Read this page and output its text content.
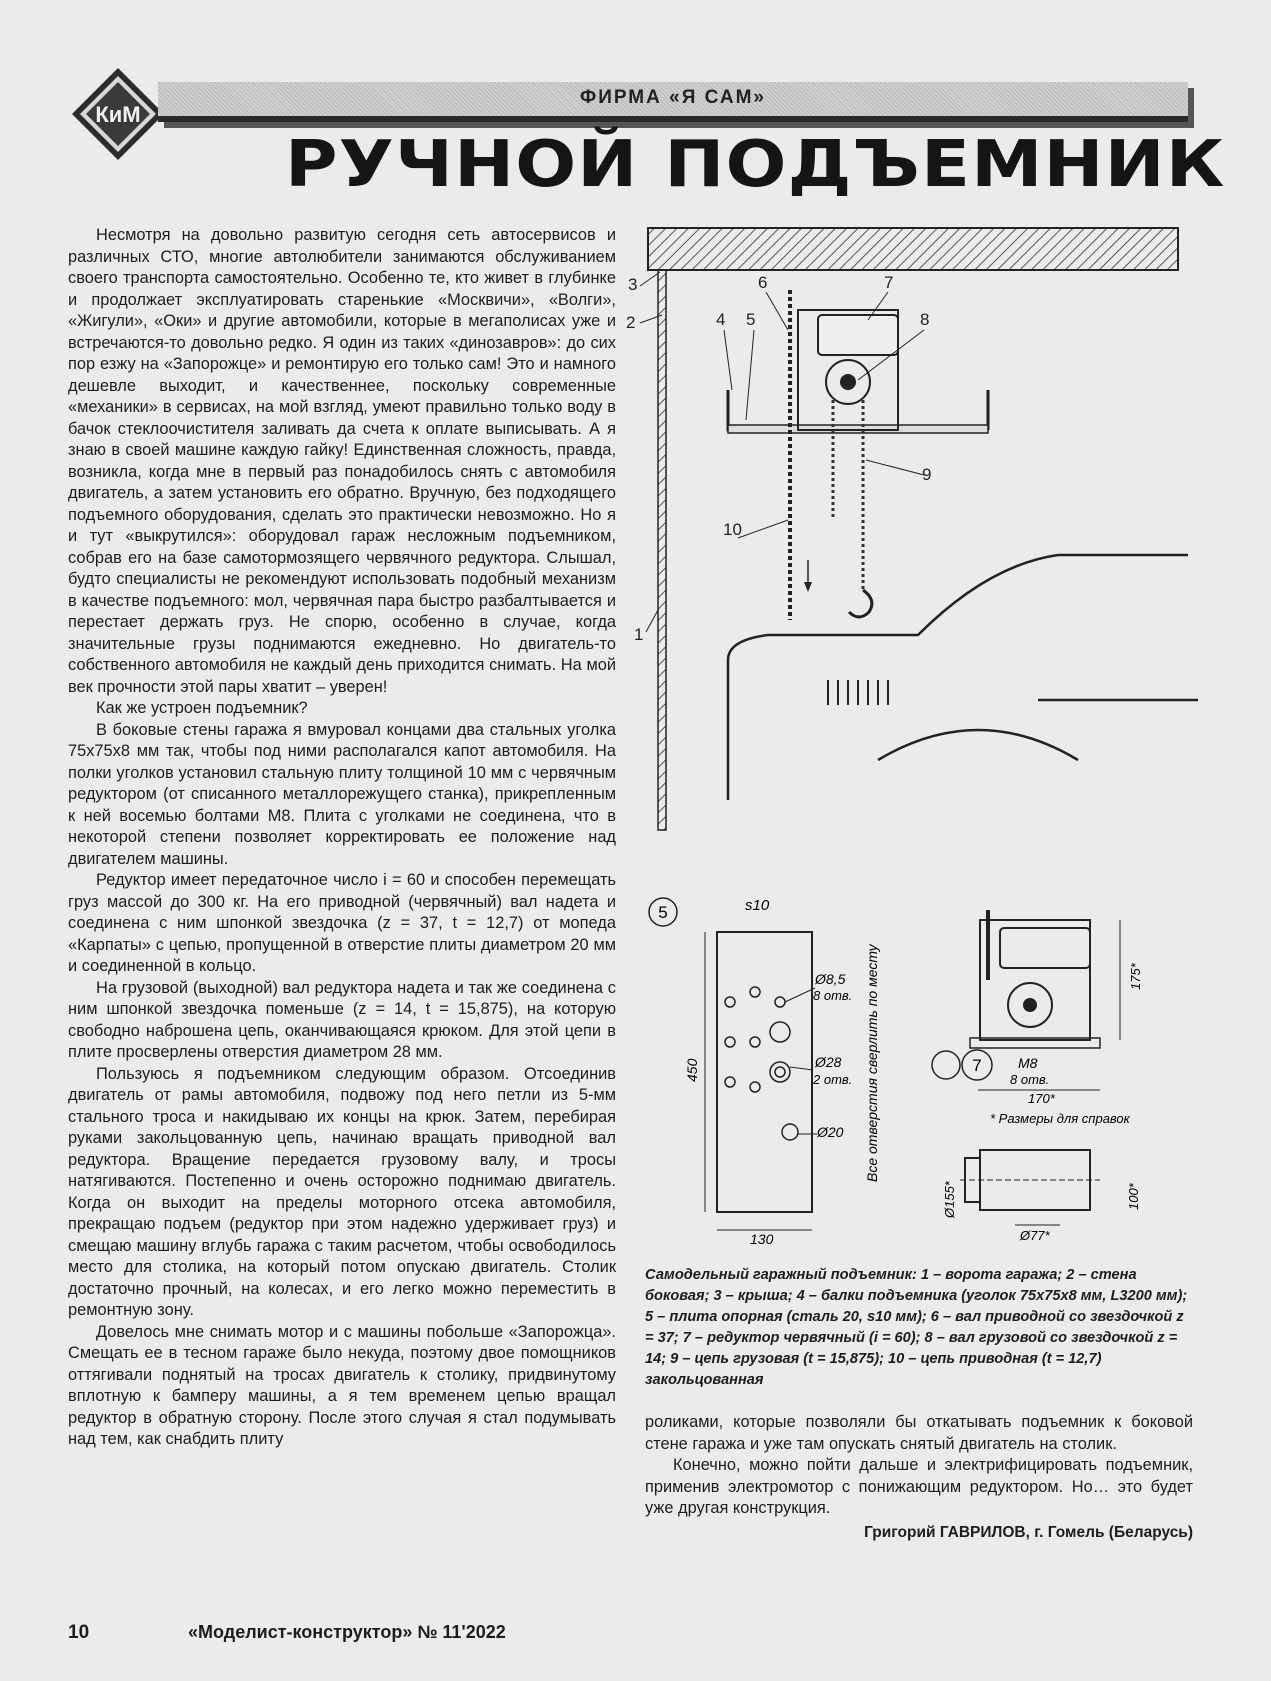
КиМ
ФИРМА «Я САМ»
РУЧНОЙ ПОДЪЕМНИК

Несмотря на довольно развитую сегодня сеть автосервисов и различных СТО, многие автолюбители занимаются обслуживанием своего транспорта самостоятельно. Особенно те, кто живет в глубинке и продолжает эксплуатировать старенькие «Москвичи», «Волги», «Жигули», «Оки» и другие автомобили, которые в мегаполисах уже и встречаются-то довольно редко. Я один из таких «динозавров»: до сих пор езжу на «Запорожце» и ремонтирую его только сам! Это и намного дешевле выходит, и качественнее, поскольку современные «механики» в сервисах, на мой взгляд, умеют правильно только воду в бачок стеклоочистителя заливать да счета к оплате выписывать. А я знаю в своей машине каждую гайку! Единственная сложность, правда, возникла, когда мне в первый раз понадобилось снять с автомобиля двигатель, а затем установить его обратно. Вручную, без подходящего подъемного оборудования, сделать это практически невозможно. Но я и тут «выкрутился»: оборудовал гараж несложным подъемником, собрав его на базе самотормозящего червячного редуктора. Слышал, будто специалисты не рекомендуют использовать подобный механизм в качестве подъемного: мол, червячная пара быстро разбалтывается и перестает держать груз. Не спорю, особенно в случае, когда значительные грузы поднимаются ежедневно. Но двигатель-то собственного автомобиля не каждый день приходится снимать. На мой век прочности этой пары хватит – уверен!

Как же устроен подъемник?

В боковые стены гаража я вмуровал концами два стальных уголка 75х75х8 мм так, чтобы под ними располагался капот автомобиля. На полки уголков установил стальную плиту толщиной 10 мм с червячным редуктором (от списанного металлорежущего станка), прикрепленным к ней восемью болтами М8. Плита с уголками не соединена, что в некоторой степени позволяет корректировать ее положение над двигателем машины.

Редуктор имеет передаточное число i = 60 и способен перемещать груз массой до 300 кг. На его приводной (червячный) вал надета и соединена с ним шпонкой звездочка (z = 37, t = 12,7) от мопеда «Карпаты» с цепью, пропущенной в отверстие плиты диаметром 20 мм и соединенной в кольцо.

На грузовой (выходной) вал редуктора надета и так же соединена с ним шпонкой звездочка поменьше (z = 14, t = 15,875), на которую свободно наброшена цепь, оканчивающаяся крюком. Для этой цепи в плите просверлены отверстия диаметром 28 мм.

Пользуюсь я подъемником следующим образом. Отсоединив двигатель от рамы автомобиля, подвожу под него петли из 5-мм стального троса и накидываю их концы на крюк. Затем, перебирая руками закольцованную цепь, начинаю вращать приводной вал редуктора. Вращение передается грузовому валу, и тросы натягиваются. Постепенно и очень осторожно поднимаю двигатель. Когда он выходит на пределы моторного отсека автомобиля, прекращаю подъем (редуктор при этом надежно удерживает груз) и смещаю машину вглубь гаража с таким расчетом, чтобы освободилось место для столика, на который потом опускаю двигатель. Столик достаточно прочный, на колесах, и его легко можно переместить в ремонтную зону.

Довелось мне снимать мотор и с машины побольше «Запорожца». Смещать ее в тесном гараже было некуда, поэтому двое помощников оттягивали поднятый на тросах двигатель к столику, придвинутому вплотную к бамперу машины, а я тем временем цепью вращал редуктор в обратную сторону. После этого случая я стал подумывать над тем, как снабдить плиту

1
2
3
4 5
6	7
8
9
10
5	s10
450
130
Ø8,5
8 отв.
Ø28
2 отв.
Ø20 Все отверстия сверлить по месту	175*
M8
8 отв.
170*
* Размеры для справок
Ø155*	100*
Ø77*
7
Самодельный гаражный подъемник: 1 – ворота гаража; 2 – стена боковая; 3 – крыша; 4 – балки подъемника (уголок 75х75х8 мм, L3200 мм); 5 – плита опорная (сталь 20, s10 мм); 6 – вал приводной со звездочкой z = 37; 7 – редуктор червячный (i = 60); 8 – вал грузовой со звездочкой z = 14; 9 – цепь грузовая (t = 15,875); 10 – цепь приводная (t = 12,7) закольцованная

роликами, которые позволяли бы откатывать подъемник к боковой стене гаража и уже там опускать снятый двигатель на столик.

Конечно, можно пойти дальше и электрифицировать подъемник, применив электромотор с понижающим редуктором. Но… это будет уже другая конструкция.

Григорий ГАВРИЛОВ, г. Гомель (Беларусь)
10	«Моделист-конструктор» № 11'2022
